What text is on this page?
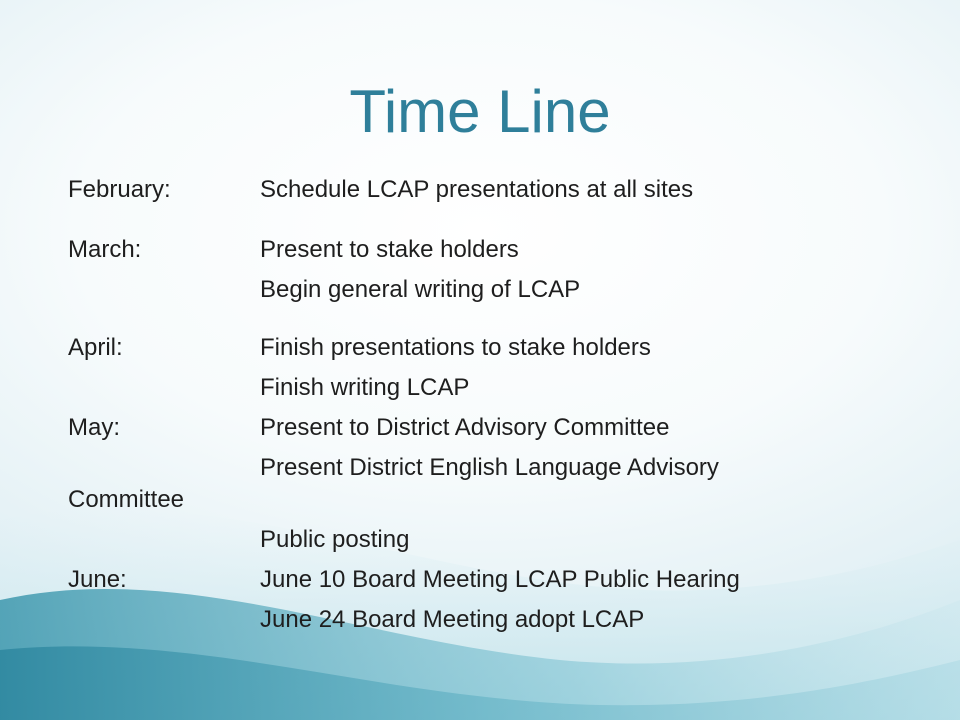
Time Line
February:	Schedule LCAP presentations at all sites
March:	Present to stake holders
Begin general writing of LCAP
April:	Finish presentations to stake holders
Finish writing LCAP
May:	Present to District Advisory Committee
Present District English Language Advisory
Committee
Public posting
June:	June 10 Board Meeting LCAP Public Hearing
June 24 Board Meeting adopt LCAP
